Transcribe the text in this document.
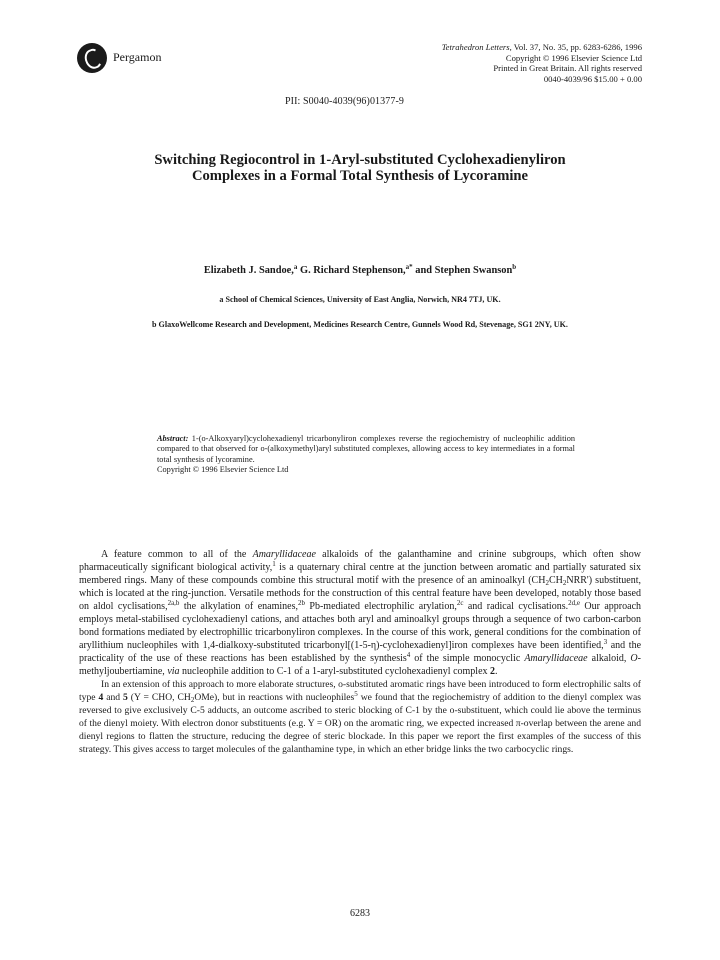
Pergamon
Tetrahedron Letters, Vol. 37, No. 35, pp. 6283-6286, 1996
Copyright © 1996 Elsevier Science Ltd
Printed in Great Britain. All rights reserved
0040-4039/96 $15.00 + 0.00
PII: S0040-4039(96)01377-9
Switching Regiocontrol in 1-Aryl-substituted Cyclohexadienyliron
Complexes in a Formal Total Synthesis of Lycoramine
Elizabeth J. Sandoe,$^a$ G. Richard Stephenson,$^{a*}$ and Stephen Swanson$^b$
a School of Chemical Sciences, University of East Anglia, Norwich, NR4 7TJ, UK.
b GlaxoWellcome Research and Development, Medicines Research Centre, Gunnels Wood Rd, Stevenage, SG1 2NY, UK.
Abstract: 1-(o-Alkoxyaryl)cyclohexadienyl tricarbonyliron complexes reverse the regiochemistry of nucleophilic addition compared to that observed for o-(alkoxymethyl)aryl substituted complexes, allowing access to key intermediates in a formal total synthesis of lycoramine.
Copyright © 1996 Elsevier Science Ltd

A feature common to all of the Amaryllidaceae alkaloids of the galanthamine and crinine subgroups, which often show pharmaceutically significant biological activity,$^1$ is a quaternary chiral centre at the junction between aromatic and partially saturated six membered rings. Many of these compounds combine this structural motif with the presence of an aminoalkyl $(CH_2CH_2NRR')$ substituent, which is located at the ring-junction. Versatile methods for the construction of this central feature have been developed, notably those based on aldol cyclisations,$^{2a,b}$ the alkylation of enamines,$^{2b}$ Pb-mediated electrophilic arylation,$^{2c}$ and radical cyclisations.$^{2d,e}$ Our approach employs metal-stabilised cyclohexadienyl cations, and attaches both aryl and aminoalkyl groups through a sequence of two carbon-carbon bond formations mediated by electrophillic tricarbonyliron complexes. In the course of this work, general conditions for the combination of aryllithium nucleophiles with 1,4-dialkoxy-substituted tricarbonyl[(1-5-η)-cyclohexadienyl]iron complexes have been identified,$^3$ and the practicality of the use of these reactions has been established by the synthesis$^4$ of the simple monocyclic Amaryllidaceae alkaloid, O-methyljoubertiamine, via nucleophile addition to C-1 of a 1-aryl-substituted cyclohexadienyl complex 2.

In an extension of this approach to more elaborate structures, o-substituted aromatic rings have been introduced to form electrophilic salts of type 4 and 5 (Y = CHO, $CH_2OMe$), but in reactions with nucleophiles$^5$ we found that the regiochemistry of addition to the dienyl complex was reversed to give exclusively C-5 adducts, an outcome ascribed to steric blocking of C-1 by the o-substituent, which could lie above the terminus of the dienyl moiety. With electron donor substituents (e.g. Y = OR) on the aromatic ring, we expected increased π-overlap between the arene and dienyl regions to flatten the structure, reducing the degree of steric blockade. In this paper we report the first examples of the success of this strategy. This gives access to target molecules of the galanthamine type, in which an ether bridge links the two carbocyclic rings.

6283
